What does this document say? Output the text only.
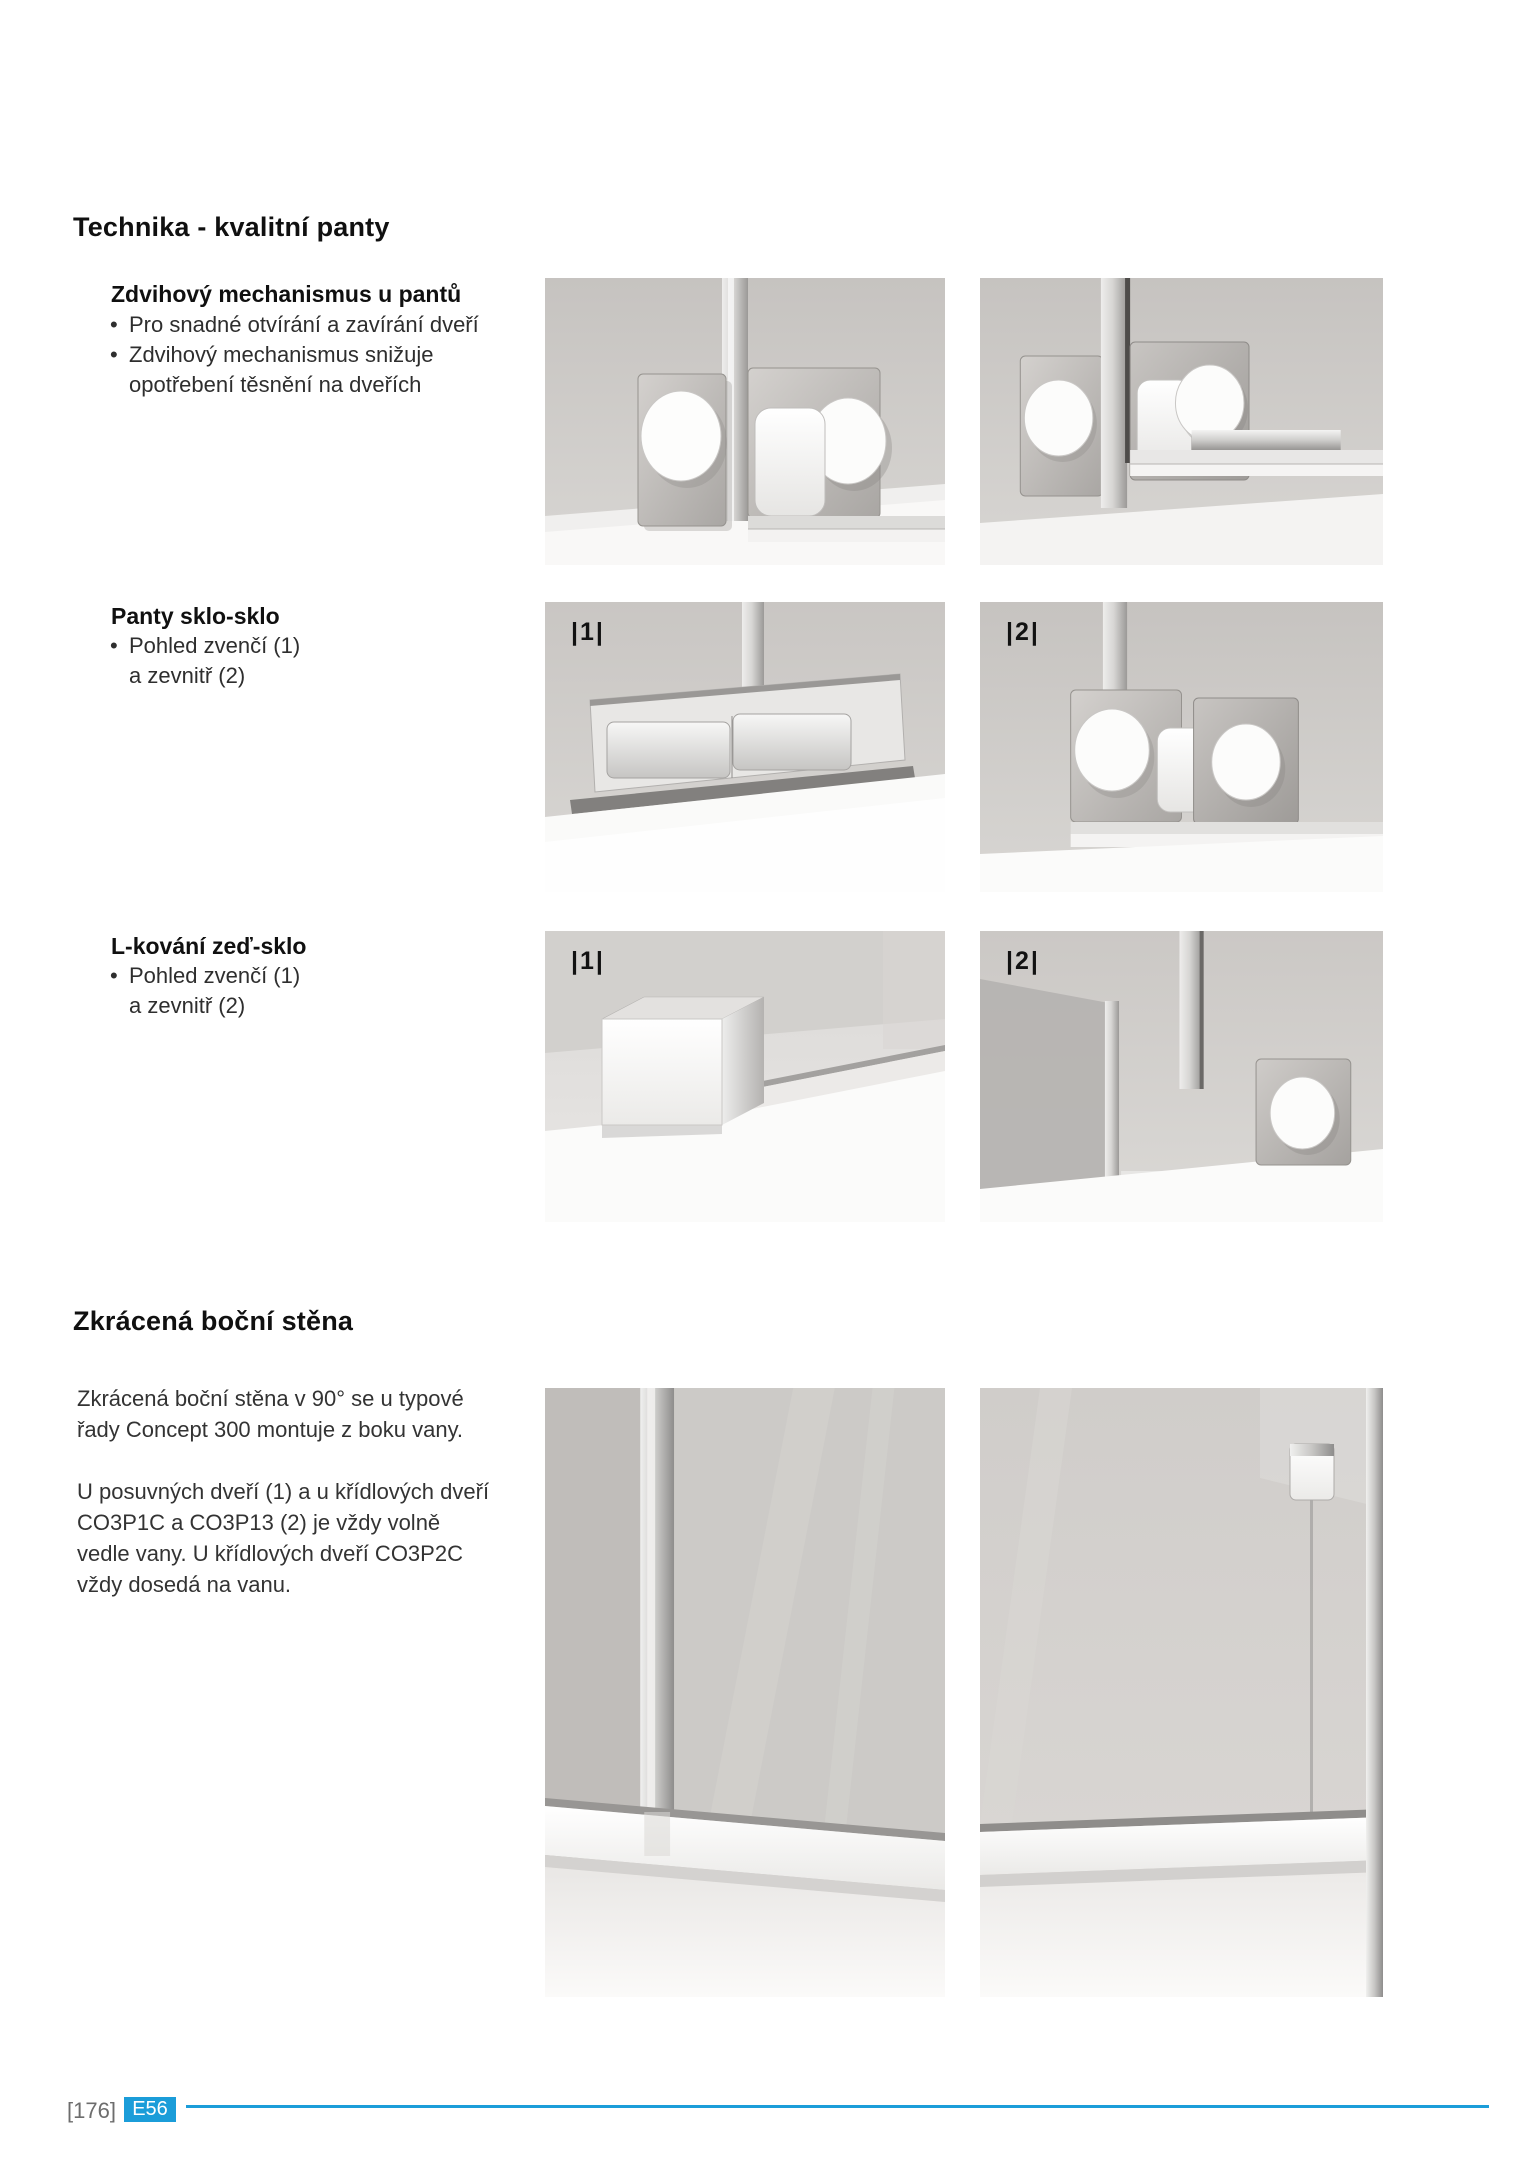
Technika - kvalitní panty
Zdvihový mechanismus u pantů
• Pro snadné otvírání a zavírání dveří
• Zdvihový mechanismus snižuje
opotřebení těsnění na dveřích
Panty sklo-sklo
• Pohled zvenčí (1)
a zevnitř (2)
|1|	|2|
L-kování zeď-sklo
• Pohled zvenčí (1)
a zevnitř (2)
|1|	|2|
Zkrácená boční stěna
Zkrácená boční stěna v 90° se u typové
řady Concept 300 montuje z boku vany.
U posuvných dveří (1) a u křídlových dveří
CO3P1C a CO3P13 (2) je vždy volně
vedle vany. U křídlových dveří CO3P2C
vždy dosedá na vanu.
[176] E56
